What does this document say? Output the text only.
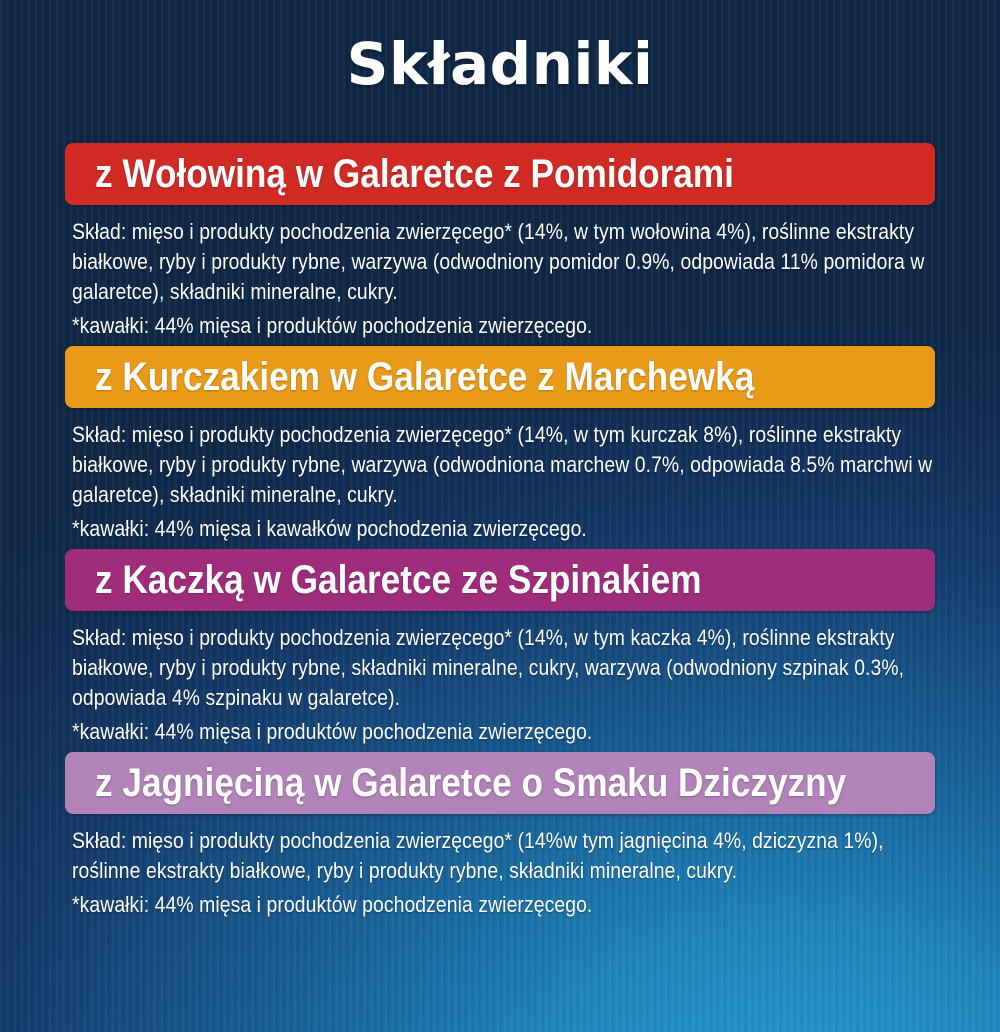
Składniki
z Wołowiną w Galaretce z Pomidorami

Skład: mięso i produkty pochodzenia zwierzęcego* (14%, w tym wołowina 4%), roślinne ekstrakty białkowe, ryby i produkty rybne, warzywa (odwodniony pomidor 0.9%, odpowiada 11% pomidora w galaretce), składniki mineralne, cukry.

*kawałki: 44% mięsa i produktów pochodzenia zwierzęcego.

z Kurczakiem w Galaretce z Marchewką

Skład: mięso i produkty pochodzenia zwierzęcego* (14%, w tym kurczak 8%), roślinne ekstrakty białkowe, ryby i produkty rybne, warzywa (odwodniona marchew 0.7%, odpowiada 8.5% marchwi w galaretce), składniki mineralne, cukry.

*kawałki: 44% mięsa i kawałków pochodzenia zwierzęcego.

z Kaczką w Galaretce ze Szpinakiem

Skład: mięso i produkty pochodzenia zwierzęcego* (14%, w tym kaczka 4%), roślinne ekstrakty białkowe, ryby i produkty rybne, składniki mineralne, cukry, warzywa (odwodniony szpinak 0.3%, odpowiada 4% szpinaku w galaretce).

*kawałki: 44% mięsa i produktów pochodzenia zwierzęcego.

z Jagnięciną w Galaretce o Smaku Dziczyzny

Skład: mięso i produkty pochodzenia zwierzęcego* (14%w tym jagnięcina 4%, dziczyzna 1%), roślinne ekstrakty białkowe, ryby i produkty rybne, składniki mineralne, cukry.

*kawałki: 44% mięsa i produktów pochodzenia zwierzęcego.
